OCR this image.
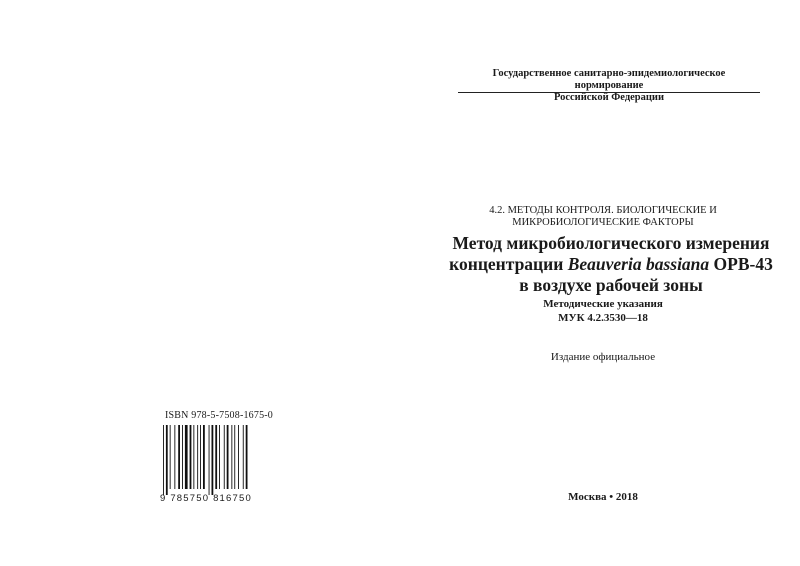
ISBN 978-5-7508-1675-0
9 785750 816750
Государственное санитарно-эпидемиологическое нормирование
Российской Федерации
4.2. МЕТОДЫ КОНТРОЛЯ. БИОЛОГИЧЕСКИЕ И
МИКРОБИОЛОГИЧЕСКИЕ ФАКТОРЫ
Метод микробиологического измерения
концентрации Beauveria bassiana ОРВ-43
в воздухе рабочей зоны
Методические указания
МУК 4.2.3530—18
Издание официальное
Москва • 2018
